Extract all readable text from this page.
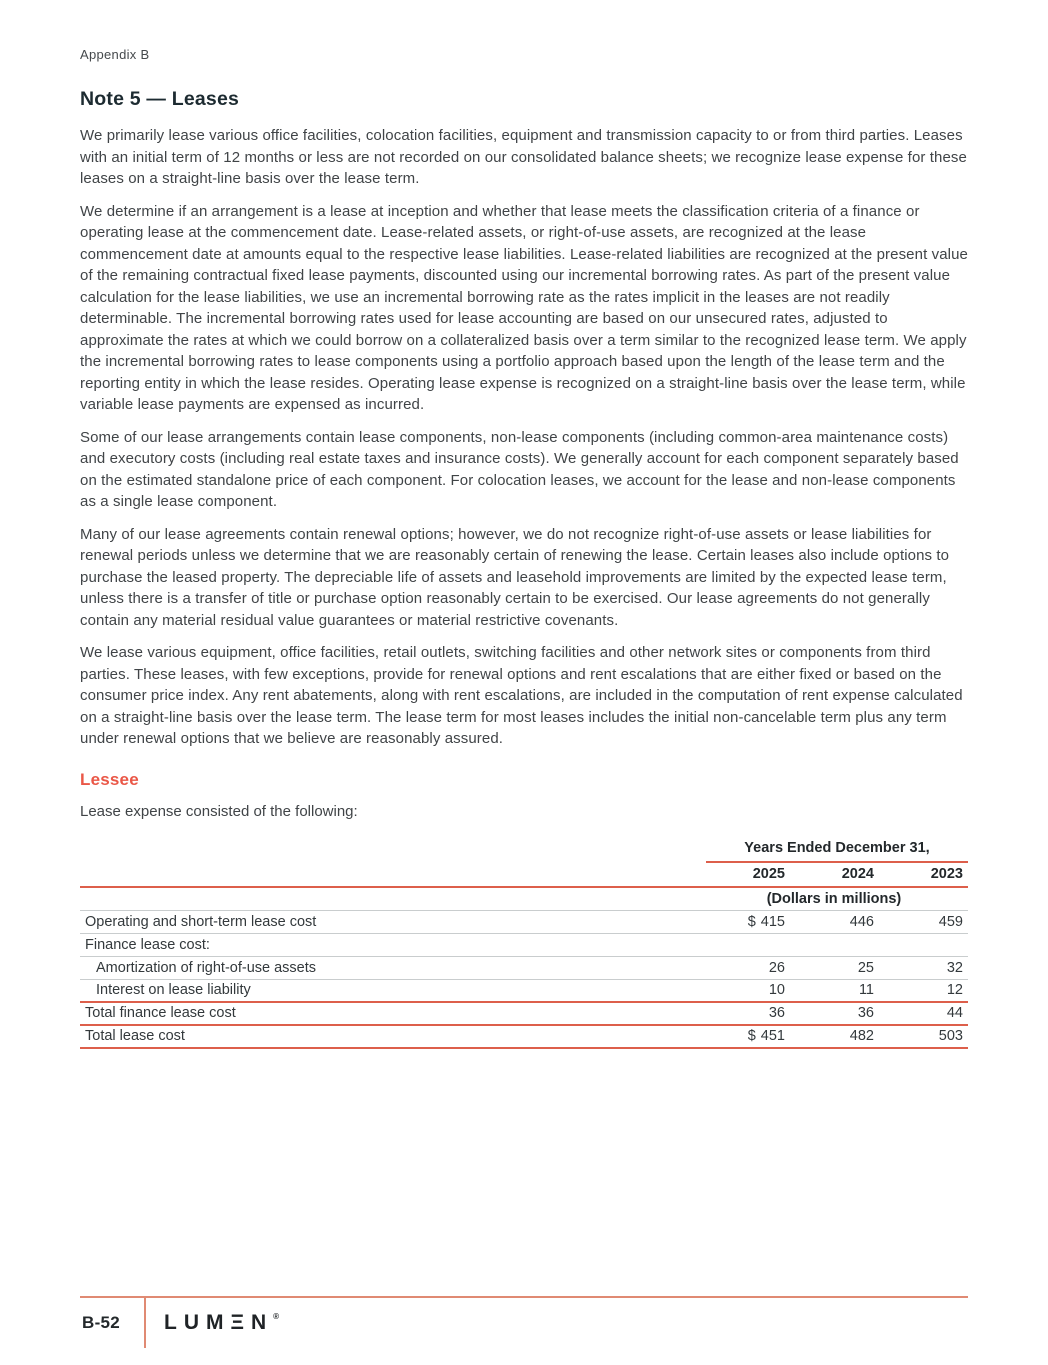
Appendix B
Note 5 — Leases

We primarily lease various office facilities, colocation facilities, equipment and transmission capacity to or from third parties. Leases with an initial term of 12 months or less are not recorded on our consolidated balance sheets; we recognize lease expense for these leases on a straight-line basis over the lease term.

We determine if an arrangement is a lease at inception and whether that lease meets the classification criteria of a finance or operating lease at the commencement date. Lease-related assets, or right-of-use assets, are recognized at the lease commencement date at amounts equal to the respective lease liabilities. Lease-related liabilities are recognized at the present value of the remaining contractual fixed lease payments, discounted using our incremental borrowing rates. As part of the present value calculation for the lease liabilities, we use an incremental borrowing rate as the rates implicit in the leases are not readily determinable. The incremental borrowing rates used for lease accounting are based on our unsecured rates, adjusted to approximate the rates at which we could borrow on a collateralized basis over a term similar to the recognized lease term. We apply the incremental borrowing rates to lease components using a portfolio approach based upon the length of the lease term and the reporting entity in which the lease resides. Operating lease expense is recognized on a straight-line basis over the lease term, while variable lease payments are expensed as incurred.

Some of our lease arrangements contain lease components, non-lease components (including common-area maintenance costs) and executory costs (including real estate taxes and insurance costs). We generally account for each component separately based on the estimated standalone price of each component. For colocation leases, we account for the lease and non-lease components as a single lease component.

Many of our lease agreements contain renewal options; however, we do not recognize right-of-use assets or lease liabilities for renewal periods unless we determine that we are reasonably certain of renewing the lease. Certain leases also include options to purchase the leased property. The depreciable life of assets and leasehold improvements are limited by the expected lease term, unless there is a transfer of title or purchase option reasonably certain to be exercised. Our lease agreements do not generally contain any material residual value guarantees or material restrictive covenants.

We lease various equipment, office facilities, retail outlets, switching facilities and other network sites or components from third parties. These leases, with few exceptions, provide for renewal options and rent escalations that are either fixed or based on the consumer price index. Any rent abatements, along with rent escalations, are included in the computation of rent expense calculated on a straight-line basis over the lease term. The lease term for most leases includes the initial non-cancelable term plus any term under renewal options that we believe are reasonably assured.

Lessee

Lease expense consisted of the following:

Years Ended December 31,
2025	2024	2023
(Dollars in millions)
Operating and short-term lease cost	$ 415	446	459
Finance lease cost:
Amortization of right-of-use assets	26	25	32
Interest on lease liability	10	11	12
Total finance lease cost	36	36	44
Total lease cost	$ 451	482	503
B-52	LUMΞN®
